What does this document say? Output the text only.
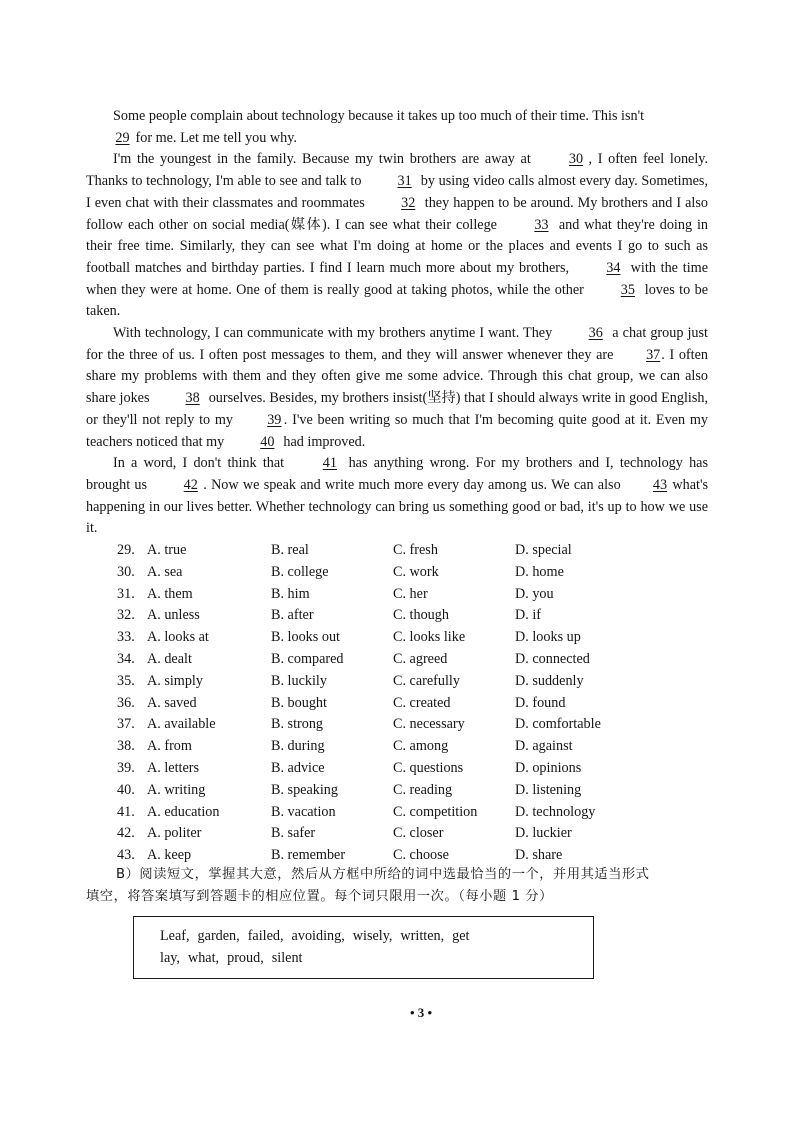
Some people complain about technology because it takes up too much of their time. This isn't
29 for me. Let me tell you why.

I'm the youngest in the family. Because my twin brothers are away at 30 , I often feel lonely. Thanks to technology, I'm able to see and talk to 31 by using video calls almost every day. Sometimes, I even chat with their classmates and roommates 32 they happen to be around. My brothers and I also follow each other on social media(媒体). I can see what their college 33 and what they're doing in their free time. Similarly, they can see what I'm doing at home or the places and events I go to such as football matches and birthday parties. I find I learn much more about my brothers, 34 with the time when they were at home. One of them is really good at taking photos, while the other 35 loves to be taken.

With technology, I can communicate with my brothers anytime I want. They 36 a chat group just for the three of us. I often post messages to them, and they will answer whenever they are 37. I often share my problems with them and they often give me some advice. Through this chat group, we can also share jokes 38 ourselves. Besides, my brothers insist(坚持) that I should always write in good English, or they'll not reply to my 39 . I've been writing so much that I'm becoming quite good at it. Even my teachers noticed that my 40 had improved.

In a word, I don't think that 41 has anything wrong. For my brothers and I, technology has brought us 42 . Now we speak and write much more every day among us. We can also 43 what's happening in our lives better. Whether technology can bring us something good or bad, it's up to how we use it.

29. A. true	B. real	C. fresh	D. special
30. A. sea	B. college	C. work	D. home
31. A. them	B. him	C. her	D. you
32. A. unless	B. after	C. though	D. if
33. A. looks at	B. looks out	C. looks like	D. looks up
34. A. dealt	B. compared	C. agreed	D. connected
35. A. simply	B. luckily	C. carefully	D. suddenly
36. A. saved	B. bought	C. created	D. found
37. A. available	B. strong	C. necessary	D. comfortable
38. A. from	B. during	C. among	D. against
39. A. letters	B. advice	C. questions	D. opinions
40. A. writing	B. speaking	C. reading	D. listening
41. A. education	B. vacation	C. competition	D. technology
42. A. politer	B. safer	C. closer	D. luckier
43. A. keep	B. remember	C. choose	D. share
B）阅读短文，掌握其大意，然后从方框中所给的词中选最恰当的一个，并用其适当形式
填空，将答案填写到答题卡的相应位置。每个词只限用一次。（每小题 1 分）
Leaf, garden, failed, avoiding, wisely, written, get
lay, what, proud, silent
• 3 •
